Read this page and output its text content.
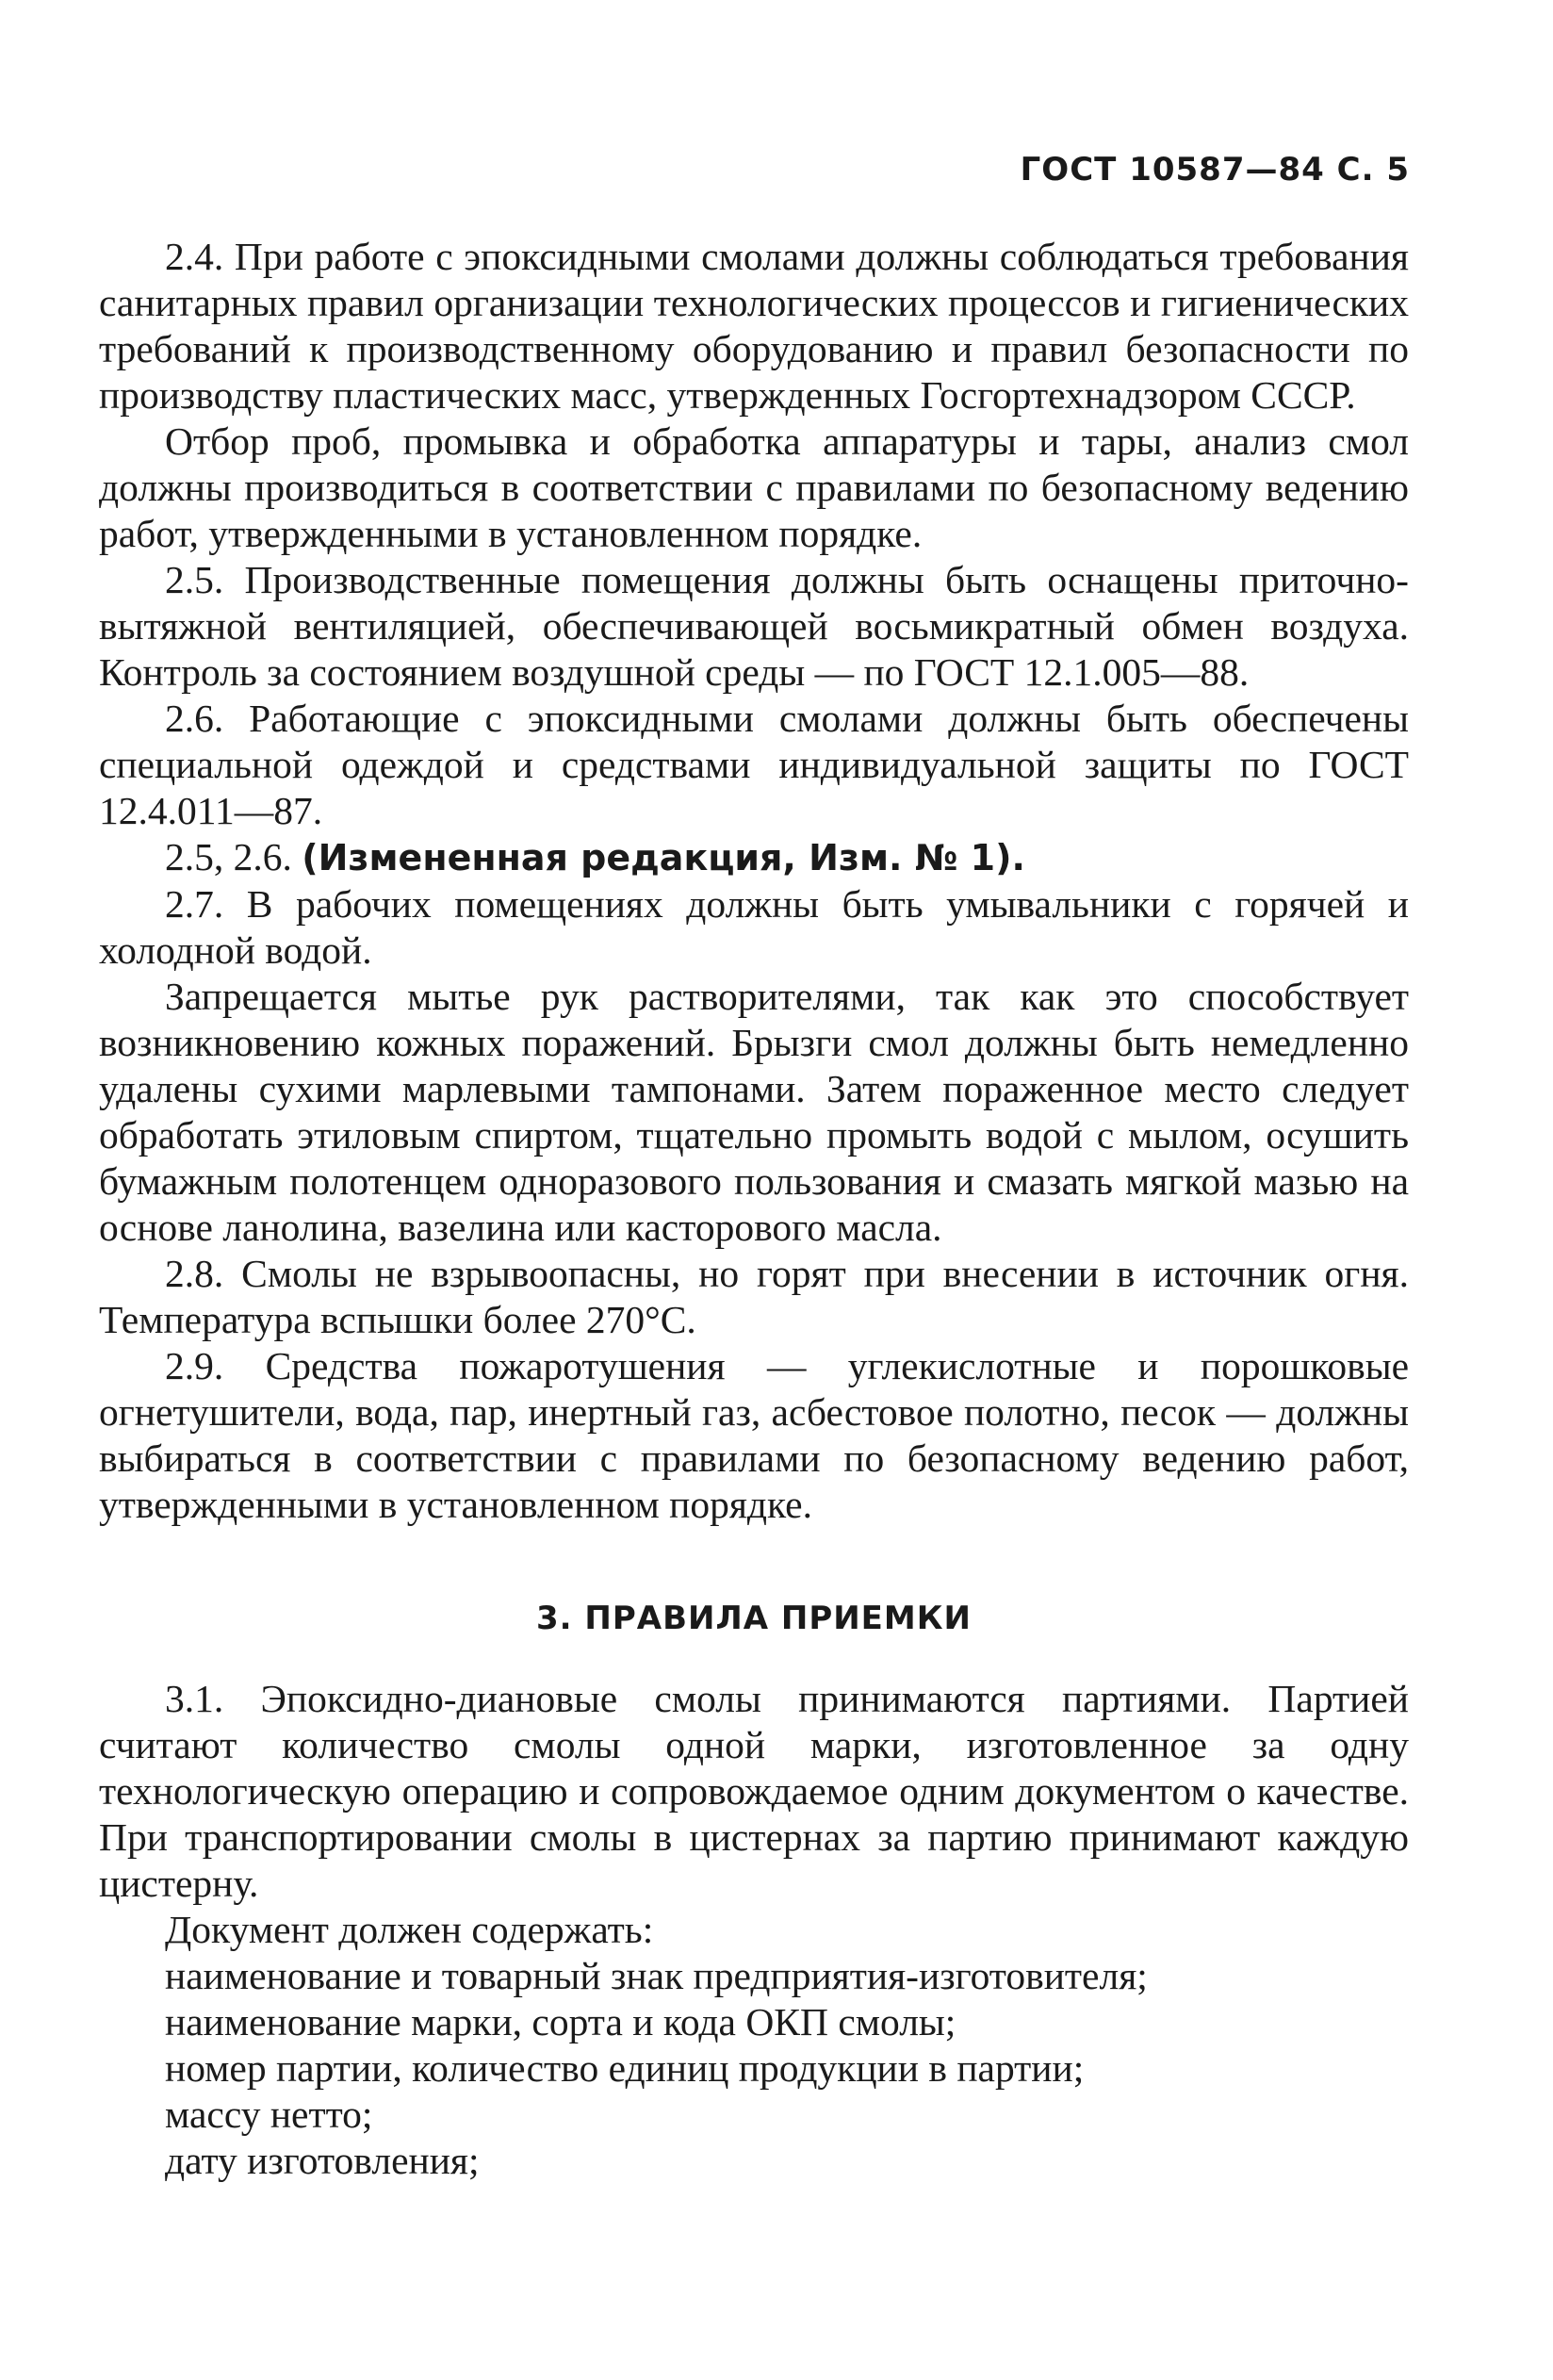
ГОСТ 10587—84 С. 5

2.4. При работе с эпоксидными смолами должны соблюдаться требования санитарных правил организации технологических процессов и гигиенических требований к производственному оборудованию и правил безопасности по производству пластических масс, утвержденных Госгортехнадзором СССР.

Отбор проб, промывка и обработка аппаратуры и тары, анализ смол должны производиться в соответствии с правилами по безопасному ведению работ, утвержденными в установленном порядке.

2.5. Производственные помещения должны быть оснащены приточно-вытяжной вентиляцией, обеспечивающей восьмикратный обмен воздуха. Контроль за состоянием воздушной среды — по ГОСТ 12.1.005—88.

2.6. Работающие с эпоксидными смолами должны быть обеспечены специальной одеждой и средствами индивидуальной защиты по ГОСТ 12.4.011—87.

2.5, 2.6. (Измененная редакция, Изм. № 1).

2.7. В рабочих помещениях должны быть умывальники с горячей и холодной водой.

Запрещается мытье рук растворителями, так как это способствует возникновению кожных поражений. Брызги смол должны быть немедленно удалены сухими марлевыми тампонами. Затем пораженное место следует обработать этиловым спиртом, тщательно промыть водой с мылом, осушить бумажным полотенцем одноразового пользования и смазать мягкой мазью на основе ланолина, вазелина или касторового масла.

2.8. Смолы не взрывоопасны, но горят при внесении в источник огня. Температура вспышки более 270°С.

2.9. Средства пожаротушения — углекислотные и порошковые огнетушители, вода, пар, инертный газ, асбестовое полотно, песок — должны выбираться в соответствии с правилами по безопасному ведению работ, утвержденными в установленном порядке.

3. ПРАВИЛА ПРИЕМКИ

3.1. Эпоксидно-диановые смолы принимаются партиями. Партией считают количество смолы одной марки, изготовленное за одну технологическую операцию и сопровождаемое одним документом о качестве. При транспортировании смолы в цистернах за партию принимают каждую цистерну.

Документ должен содержать:

наименование и товарный знак предприятия-изготовителя;

наименование марки, сорта и кода ОКП смолы;

номер партии, количество единиц продукции в партии;

массу нетто;

дату изготовления;
